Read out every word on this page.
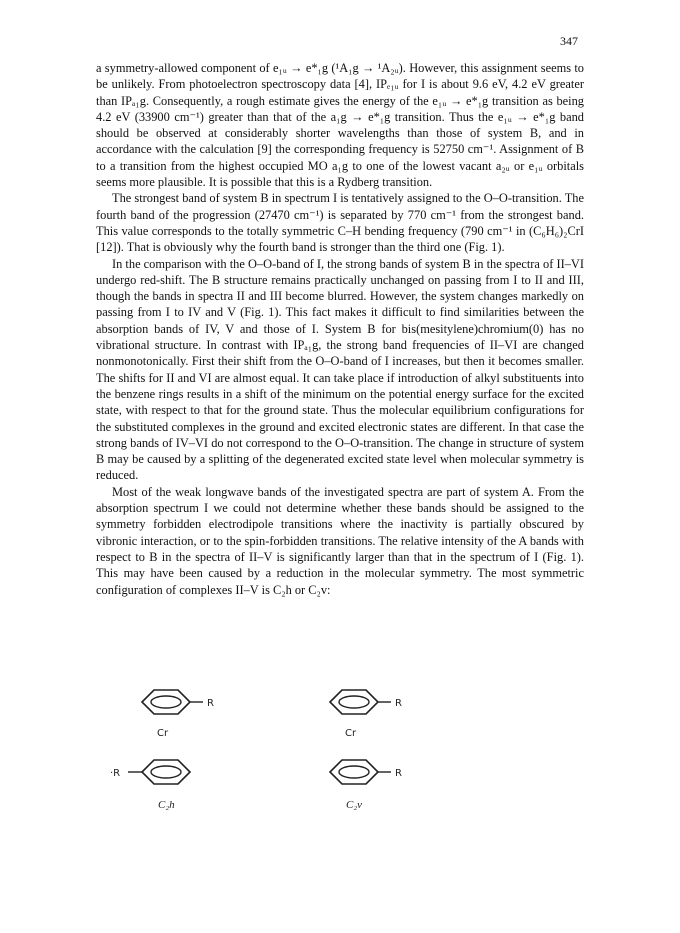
347

a symmetry-allowed component of e₁ᵤ → e*₁g (¹A₁g → ¹A₂ᵤ). However, this assignment seems to be unlikely. From photoelectron spectroscopy data [4], IPₑ₁ᵤ for I is about 9.6 eV, 4.2 eV greater than IPₐ₁g. Consequently, a rough estimate gives the energy of the e₁ᵤ → e*₁g transition as being 4.2 eV (33900 cm⁻¹) greater than that of the a₁g → e*₁g transition. Thus the e₁ᵤ → e*₁g band should be observed at considerably shorter wavelengths than those of system B, and in accordance with the calculation [9] the corresponding frequency is 52750 cm⁻¹. Assignment of B to a transition from the highest occupied MO a₁g to one of the lowest vacant a₂ᵤ or e₁ᵤ orbitals seems more plausible. It is possible that this is a Rydberg transition.

The strongest band of system B in spectrum I is tentatively assigned to the O–O-transition. The fourth band of the progression (27470 cm⁻¹) is separated by 770 cm⁻¹ from the strongest band. This value corresponds to the totally symmetric C–H bending frequency (790 cm⁻¹ in (C₆H₆)₂CrI [12]). That is obviously why the fourth band is stronger than the third one (Fig. 1).

In the comparison with the O–O-band of I, the strong bands of system B in the spectra of II–VI undergo red-shift. The B structure remains practically unchanged on passing from I to II and III, though the bands in spectra II and III become blurred. However, the system changes markedly on passing from I to IV and V (Fig. 1). This fact makes it difficult to find similarities between the absorption bands of IV, V and those of I. System B for bis(mesitylene)chromium(0) has no vibrational structure. In contrast with IPₐ₁g, the strong band frequencies of II–VI are changed nonmonotonically. First their shift from the O–O-band of I increases, but then it becomes smaller. The shifts for II and VI are almost equal. It can take place if introduction of alkyl substituents into the benzene rings results in a shift of the minimum on the potential energy surface for the excited state, with respect to that for the ground state. Thus the molecular equilibrium configurations for the substituted complexes in the ground and excited electronic states are different. In that case the strong bands of IV–VI do not correspond to the O–O-transition. The change in structure of system B may be caused by a splitting of the degenerated excited state level when molecular symmetry is reduced.

Most of the weak longwave bands of the investigated spectra are part of system A. From the absorption spectrum I we could not determine whether these bands should be assigned to the symmetry forbidden electrodipole transitions where the inactivity is partially obscured by vibronic interaction, or to the spin-forbidden transitions. The relative intensity of the A bands with respect to B in the spectra of II–V is significantly larger than that in the spectrum of I (Fig. 1). This may have been caused by a reduction in the molecular symmetry. The most symmetric configuration of complexes II–V is C₂h or C₂v:

R
Cr
·R
C₂h
R
Cr
R
C₂v
